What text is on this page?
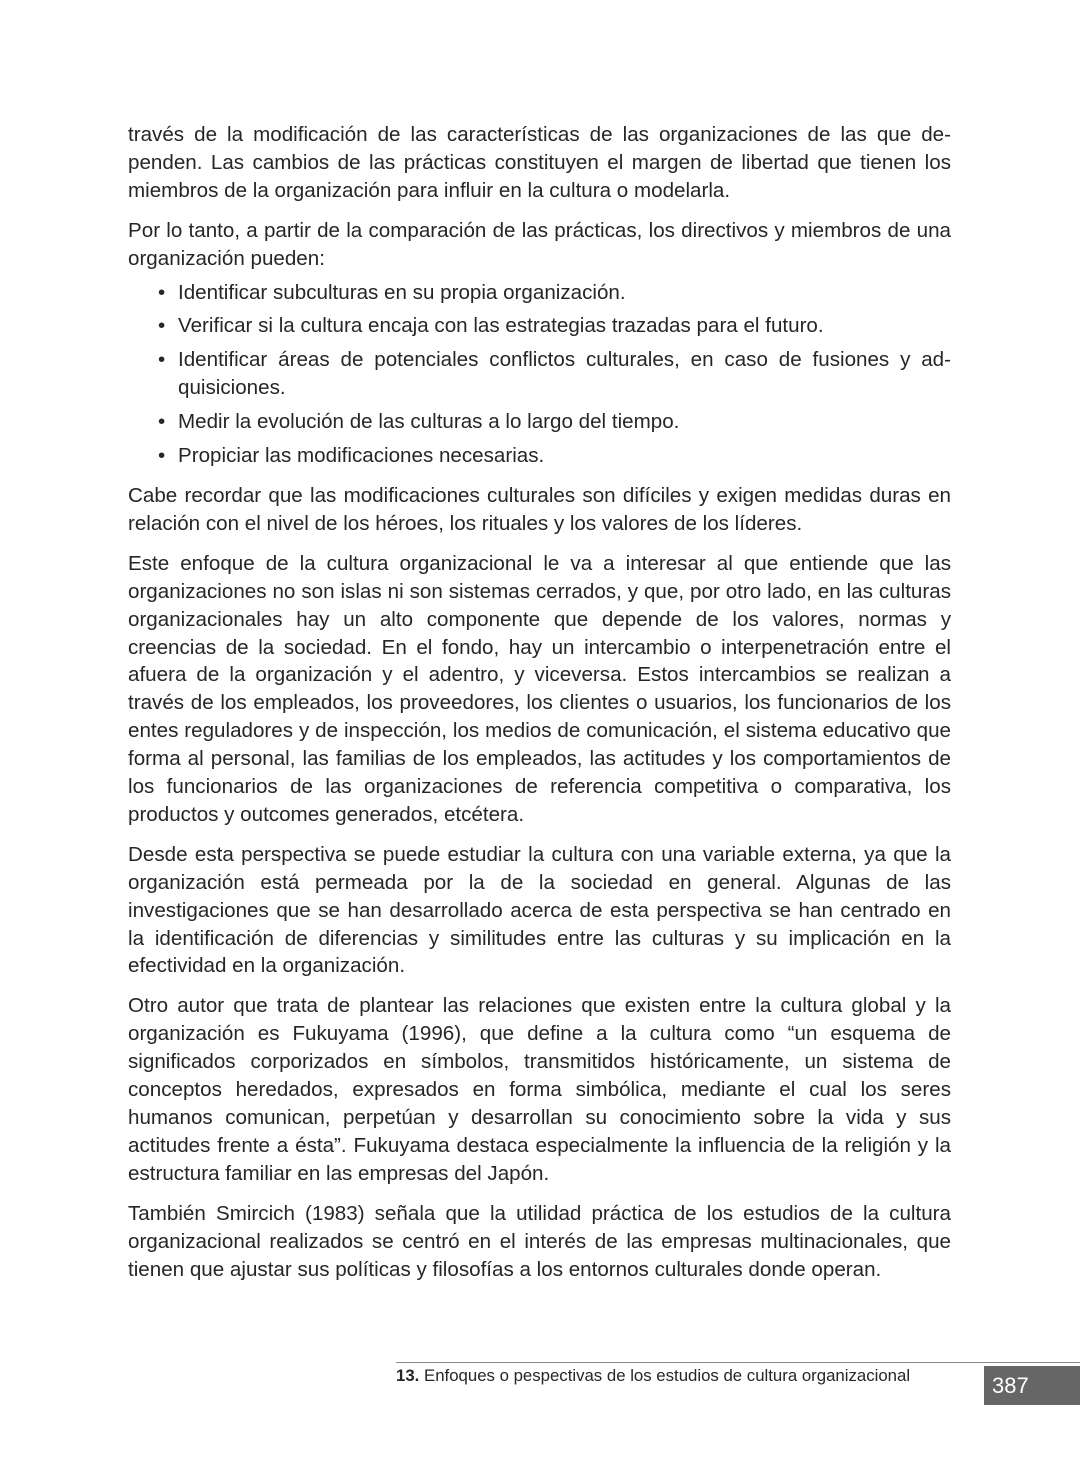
través de la modificación de las características de las organizaciones de las que dependen. Las cambios de las prácticas constituyen el margen de libertad que tienen los miembros de la organización para influir en la cultura o modelarla.

Por lo tanto, a partir de la comparación de las prácticas, los directivos y miembros de una organización pueden:

• Identificar subculturas en su propia organización.
• Verificar si la cultura encaja con las estrategias trazadas para el futuro.
• Identificar áreas de potenciales conflictos culturales, en caso de fusiones y adquisiciones.
• Medir la evolución de las culturas a lo largo del tiempo.
• Propiciar las modificaciones necesarias.

Cabe recordar que las modificaciones culturales son difíciles y exigen medidas duras en relación con el nivel de los héroes, los rituales y los valores de los líderes.

Este enfoque de la cultura organizacional le va a interesar al que entiende que las organizaciones no son islas ni son sistemas cerrados, y que, por otro lado, en las culturas organizacionales hay un alto componente que depende de los valores, normas y creencias de la sociedad. En el fondo, hay un intercambio o interpenetración entre el afuera de la organización y el adentro, y viceversa. Estos intercambios se realizan a través de los empleados, los proveedores, los clientes o usuarios, los funcionarios de los entes reguladores y de inspección, los medios de comunicación, el sistema educativo que forma al personal, las familias de los empleados, las actitudes y los comportamientos de los funcionarios de las organizaciones de referencia competitiva o comparativa, los productos y outcomes generados, etcétera.

Desde esta perspectiva se puede estudiar la cultura con una variable externa, ya que la organización está permeada por la de la sociedad en general. Algunas de las investigaciones que se han desarrollado acerca de esta perspectiva se han centrado en la identificación de diferencias y similitudes entre las culturas y su implicación en la efectividad en la organización.

Otro autor que trata de plantear las relaciones que existen entre la cultura global y la organización es Fukuyama (1996), que define a la cultura como “un esquema de significados corporizados en símbolos, transmitidos históricamente, un sistema de conceptos heredados, expresados en forma simbólica, mediante el cual los seres humanos comunican, perpetúan y desarrollan su conocimiento sobre la vida y sus actitudes frente a ésta”. Fukuyama destaca especialmente la influencia de la religión y la estructura familiar en las empresas del Japón.

También Smircich (1983) señala que la utilidad práctica de los estudios de la cultura organizacional realizados se centró en el interés de las empresas multinacionales, que tienen que ajustar sus políticas y filosofías a los entornos culturales donde operan.

13. Enfoques o pespectivas de los estudios de cultura organizacional	387
